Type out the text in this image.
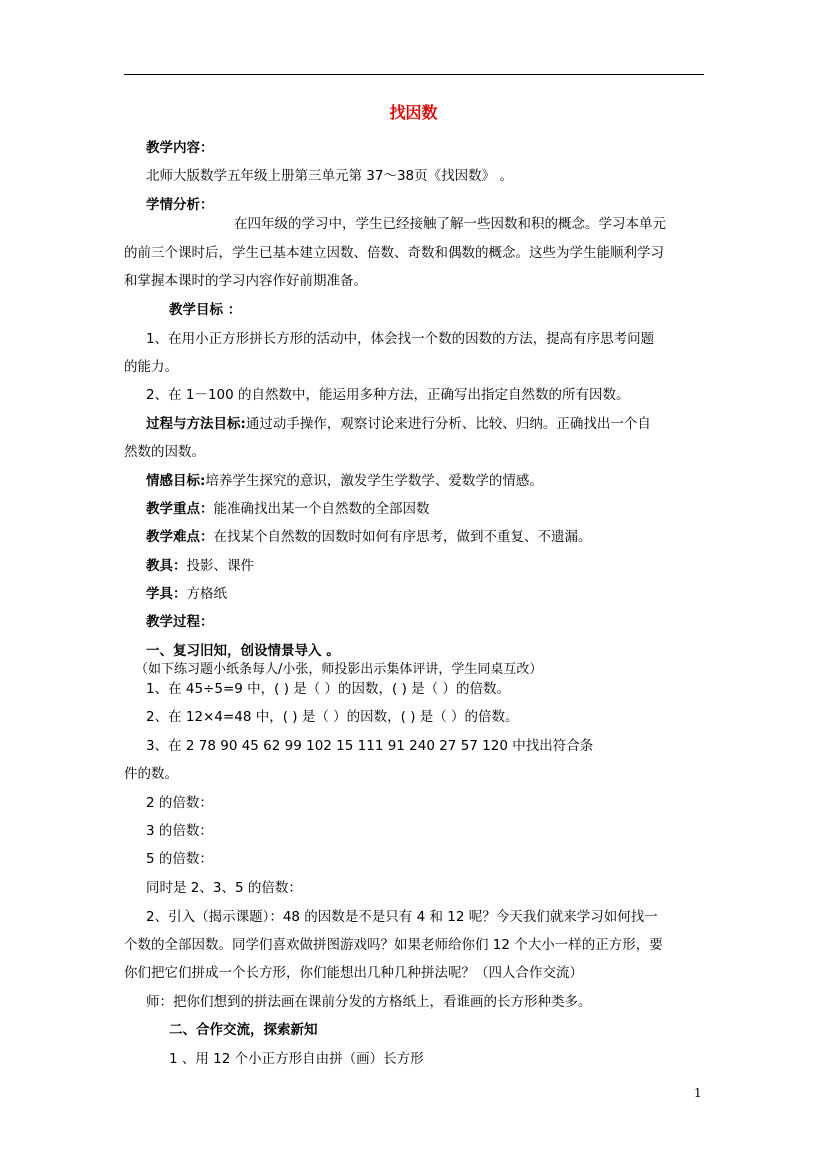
找因数
教学内容：
北师大版数学五年级上册第三单元第 37～38页《找因数》 。
学情分析：
在四年级的学习中，学生已经接触了解一些因数和积的概念。学习本单元
的前三个课时后，学生已基本建立因数、倍数、奇数和偶数的概念。这些为学生能顺利学习
和掌握本课时的学习内容作好前期准备。
教学目标 ：
1、在用小正方形拼长方形的活动中，体会找一个数的因数的方法，提高有序思考问题
的能力。
2、在 1－100 的自然数中，能运用多种方法，正确写出指定自然数的所有因数。
过程与方法目标:通过动手操作，观察讨论来进行分析、比较、归纳。正确找出一个自
然数的因数。
情感目标:培养学生探究的意识，激发学生学数学、爱数学的情感。
教学重点：能准确找出某一个自然数的全部因数
教学难点：在找某个自然数的因数时如何有序思考，做到不重复、不遗漏。
教具：投影、课件
学具：方格纸
教学过程：
一、复习旧知，创设情景导入 。
（如下练习题小纸条每人/小张，师投影出示集体评讲，学生同桌互改）
1、在 45÷5=9 中，( ) 是（ ）的因数，( ) 是（ ）的倍数。
2、在 12×4=48 中，( ) 是（ ）的因数，( ) 是（ ）的倍数。
3、在 2 78 90 45 62 99 102 15 111 91 240 27 57 120 中找出符合条
件的数。
2 的倍数：
3 的倍数：
5 的倍数：
同时是 2、3、5 的倍数：
2、引入（揭示课题）：48 的因数是不是只有 4 和 12 呢？今天我们就来学习如何找一
个数的全部因数。同学们喜欢做拼图游戏吗？如果老师给你们 12 个大小一样的正方形，要
你们把它们拼成一个长方形，你们能想出几种几种拼法呢？（四人合作交流）
师：把你们想到的拼法画在课前分发的方格纸上，看谁画的长方形种类多。
二、合作交流，探索新知
1 、用 12 个小正方形自由拼（画）长方形
1
